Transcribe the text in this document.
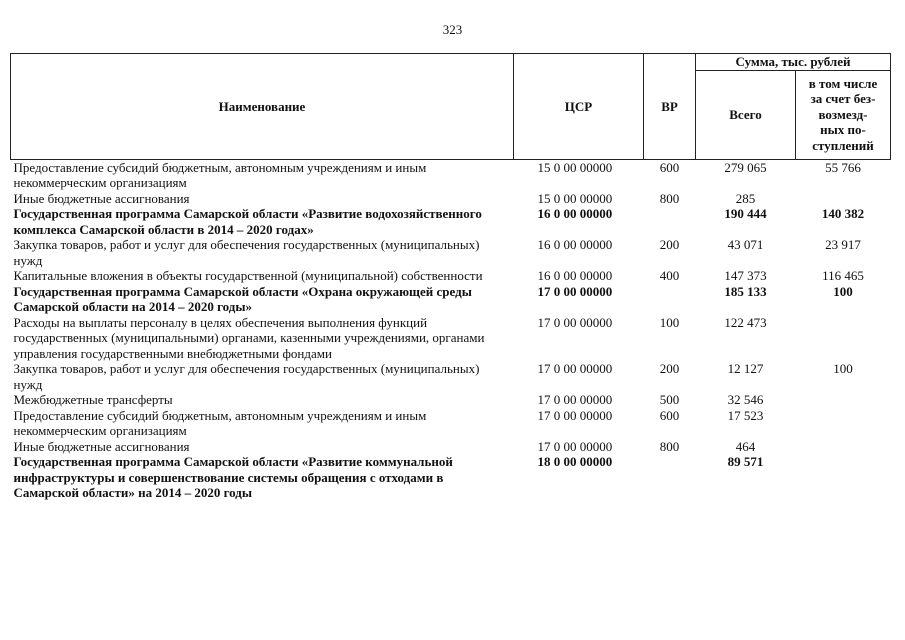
323
Наименование	ЦСР	ВР	Сумма, тыс. рублей	
			Всего	в том числе
за счет без-
возмезд-
ных по-
ступлений

Предоставление субсидий бюджетным, автономным учреждениям и иным некоммерческим организациям	15 0 00 00000	600	279 065	55 766
Иные бюджетные ассигнования	15 0 00 00000	800	285	
Государственная программа Самарской области «Развитие водохозяйственного комплекса Самарской области в 2014 – 2020 годах»	16 0 00 00000		190 444	140 382
Закупка товаров, работ и услуг для обеспечения государственных (муниципальных) нужд	16 0 00 00000	200	43 071	23 917
Капитальные вложения в объекты государственной (муниципальной) собственности	16 0 00 00000	400	147 373	116 465
Государственная программа Самарской области «Охрана окружающей среды Самарской области на 2014 – 2020 годы»	17 0 00 00000		185 133	100
Расходы на выплаты персоналу в целях обеспечения выполнения функций государственных (муниципальными) органами, казенными учреждениями, органами управления государственными внебюджетными фондами	17 0 00 00000	100	122 473	
Закупка товаров, работ и услуг для обеспечения государственных (муниципальных) нужд	17 0 00 00000	200	12 127	100
Межбюджетные трансферты	17 0 00 00000	500	32 546	
Предоставление субсидий бюджетным, автономным учреждениям и иным некоммерческим организациям	17 0 00 00000	600	17 523	
Иные бюджетные ассигнования	17 0 00 00000	800	464	
Государственная программа Самарской области «Развитие коммунальной инфраструктуры и совершенствование системы обращения с отходами в Самарской области» на 2014 – 2020 годы	18 0 00 00000		89 571	
